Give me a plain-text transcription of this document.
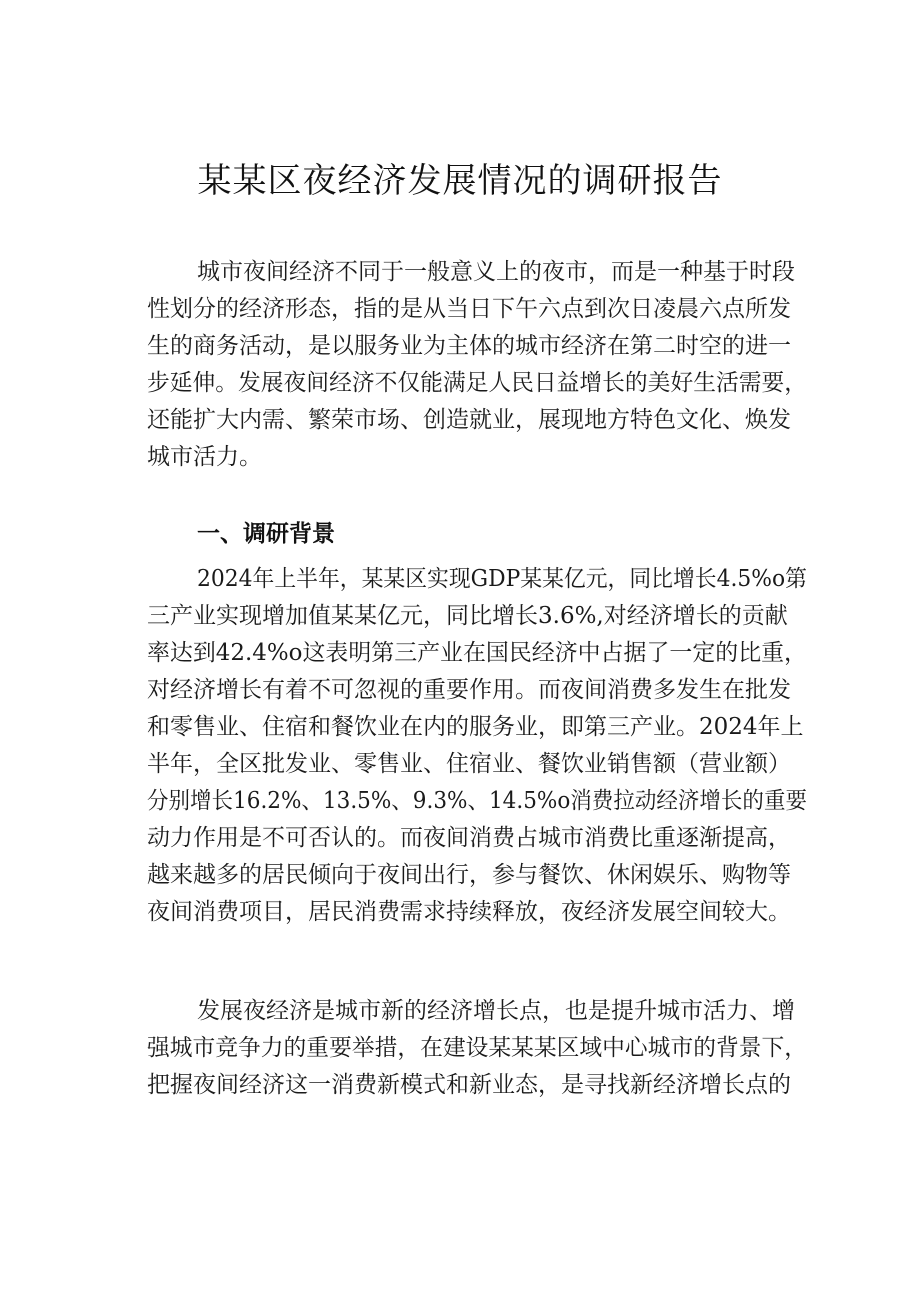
某某区夜经济发展情况的调研报告
城市夜间经济不同于一般意义上的夜市，而是一种基于时段
性划分的经济形态，指的是从当日下午六点到次日凌晨六点所发
生的商务活动，是以服务业为主体的城市经济在第二时空的进一
步延伸。发展夜间经济不仅能满足人民日益增长的美好生活需要，
还能扩大内需、繁荣市场、创造就业，展现地方特色文化、焕发
城市活力。
一、调研背景
2024年上半年，某某区实现GDP某某亿元，同比增长4.5%o第
三产业实现增加值某某亿元，同比增长3.6%,对经济增长的贡献
率达到42.4%o这表明第三产业在国民经济中占据了一定的比重，
对经济增长有着不可忽视的重要作用。而夜间消费多发生在批发
和零售业、住宿和餐饮业在内的服务业，即第三产业。2024年上
半年，全区批发业、零售业、住宿业、餐饮业销售额（营业额）
分别增长16.2%、13.5%、9.3%、14.5%o消费拉动经济增长的重要
动力作用是不可否认的。而夜间消费占城市消费比重逐渐提高，
越来越多的居民倾向于夜间出行，参与餐饮、休闲娱乐、购物等
夜间消费项目，居民消费需求持续释放，夜经济发展空间较大。
发展夜经济是城市新的经济增长点，也是提升城市活力、增
强城市竞争力的重要举措，在建设某某某区域中心城市的背景下，
把握夜间经济这一消费新模式和新业态，是寻找新经济增长点的
